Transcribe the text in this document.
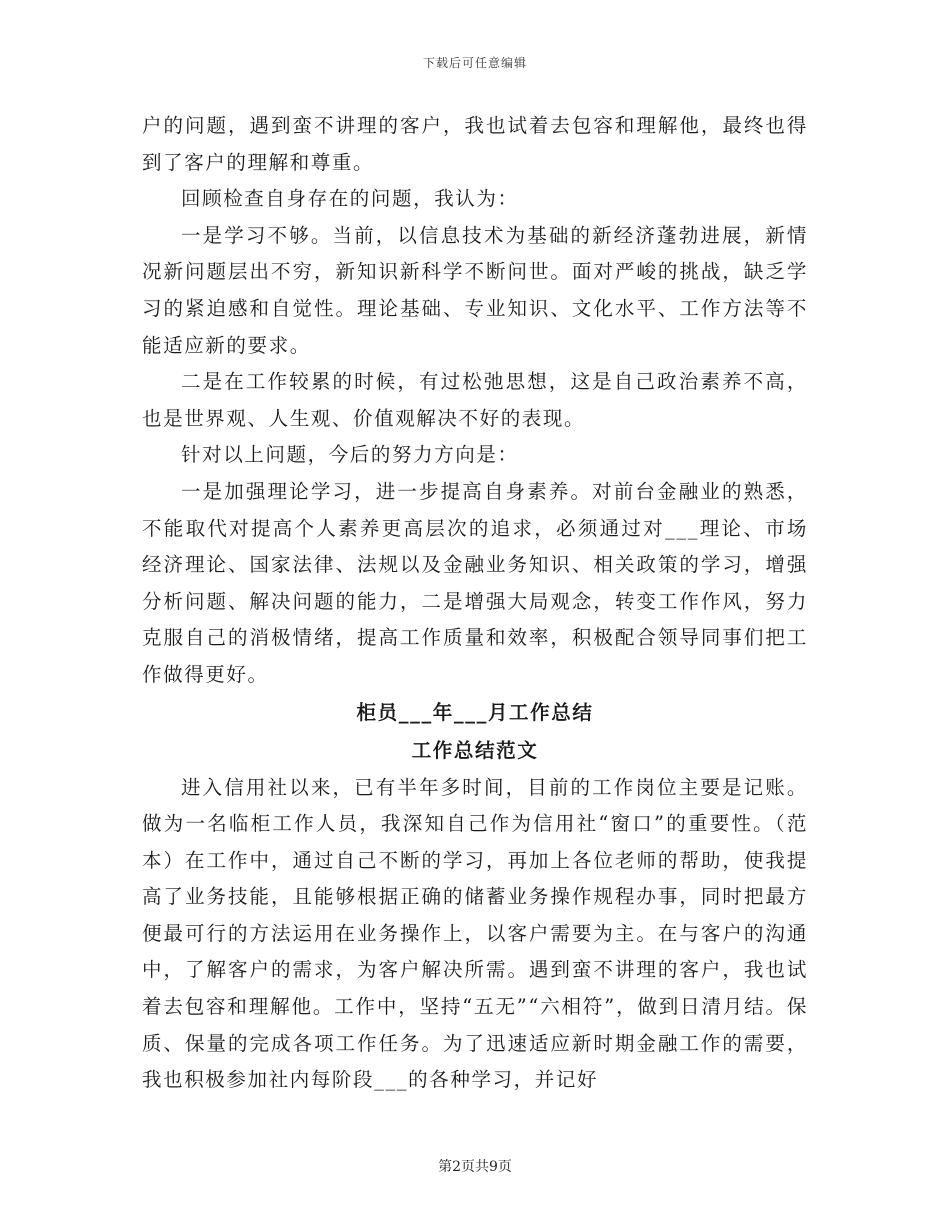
下载后可任意编辑

户的问题，遇到蛮不讲理的客户，我也试着去包容和理解他，最终也得到了客户的理解和尊重。

回顾检查自身存在的问题，我认为：

一是学习不够。当前，以信息技术为基础的新经济蓬勃进展，新情况新问题层出不穷，新知识新科学不断问世。面对严峻的挑战，缺乏学习的紧迫感和自觉性。理论基础、专业知识、文化水平、工作方法等不能适应新的要求。

二是在工作较累的时候，有过松弛思想，这是自己政治素养不高，也是世界观、人生观、价值观解决不好的表现。

针对以上问题，今后的努力方向是：

一是加强理论学习，进一步提高自身素养。对前台金融业的熟悉，不能取代对提高个人素养更高层次的追求，必须通过对___理论、市场经济理论、国家法律、法规以及金融业务知识、相关政策的学习，增强分析问题、解决问题的能力，二是增强大局观念，转变工作作风，努力克服自己的消极情绪，提高工作质量和效率，积极配合领导同事们把工作做得更好。

柜员___年___月工作总结
工作总结范文

进入信用社以来，已有半年多时间，目前的工作岗位主要是记账。做为一名临柜工作人员，我深知自己作为信用社“窗口”的重要性。（范本）在工作中，通过自己不断的学习，再加上各位老师的帮助，使我提高了业务技能，且能够根据正确的储蓄业务操作规程办事，同时把最方便最可行的方法运用在业务操作上，以客户需要为主。在与客户的沟通中，了解客户的需求，为客户解决所需。遇到蛮不讲理的客户，我也试着去包容和理解他。工作中，坚持“五无”“六相符”，做到日清月结。保质、保量的完成各项工作任务。为了迅速适应新时期金融工作的需要，我也积极参加社内每阶段___的各种学习，并记好

第2页共9页
